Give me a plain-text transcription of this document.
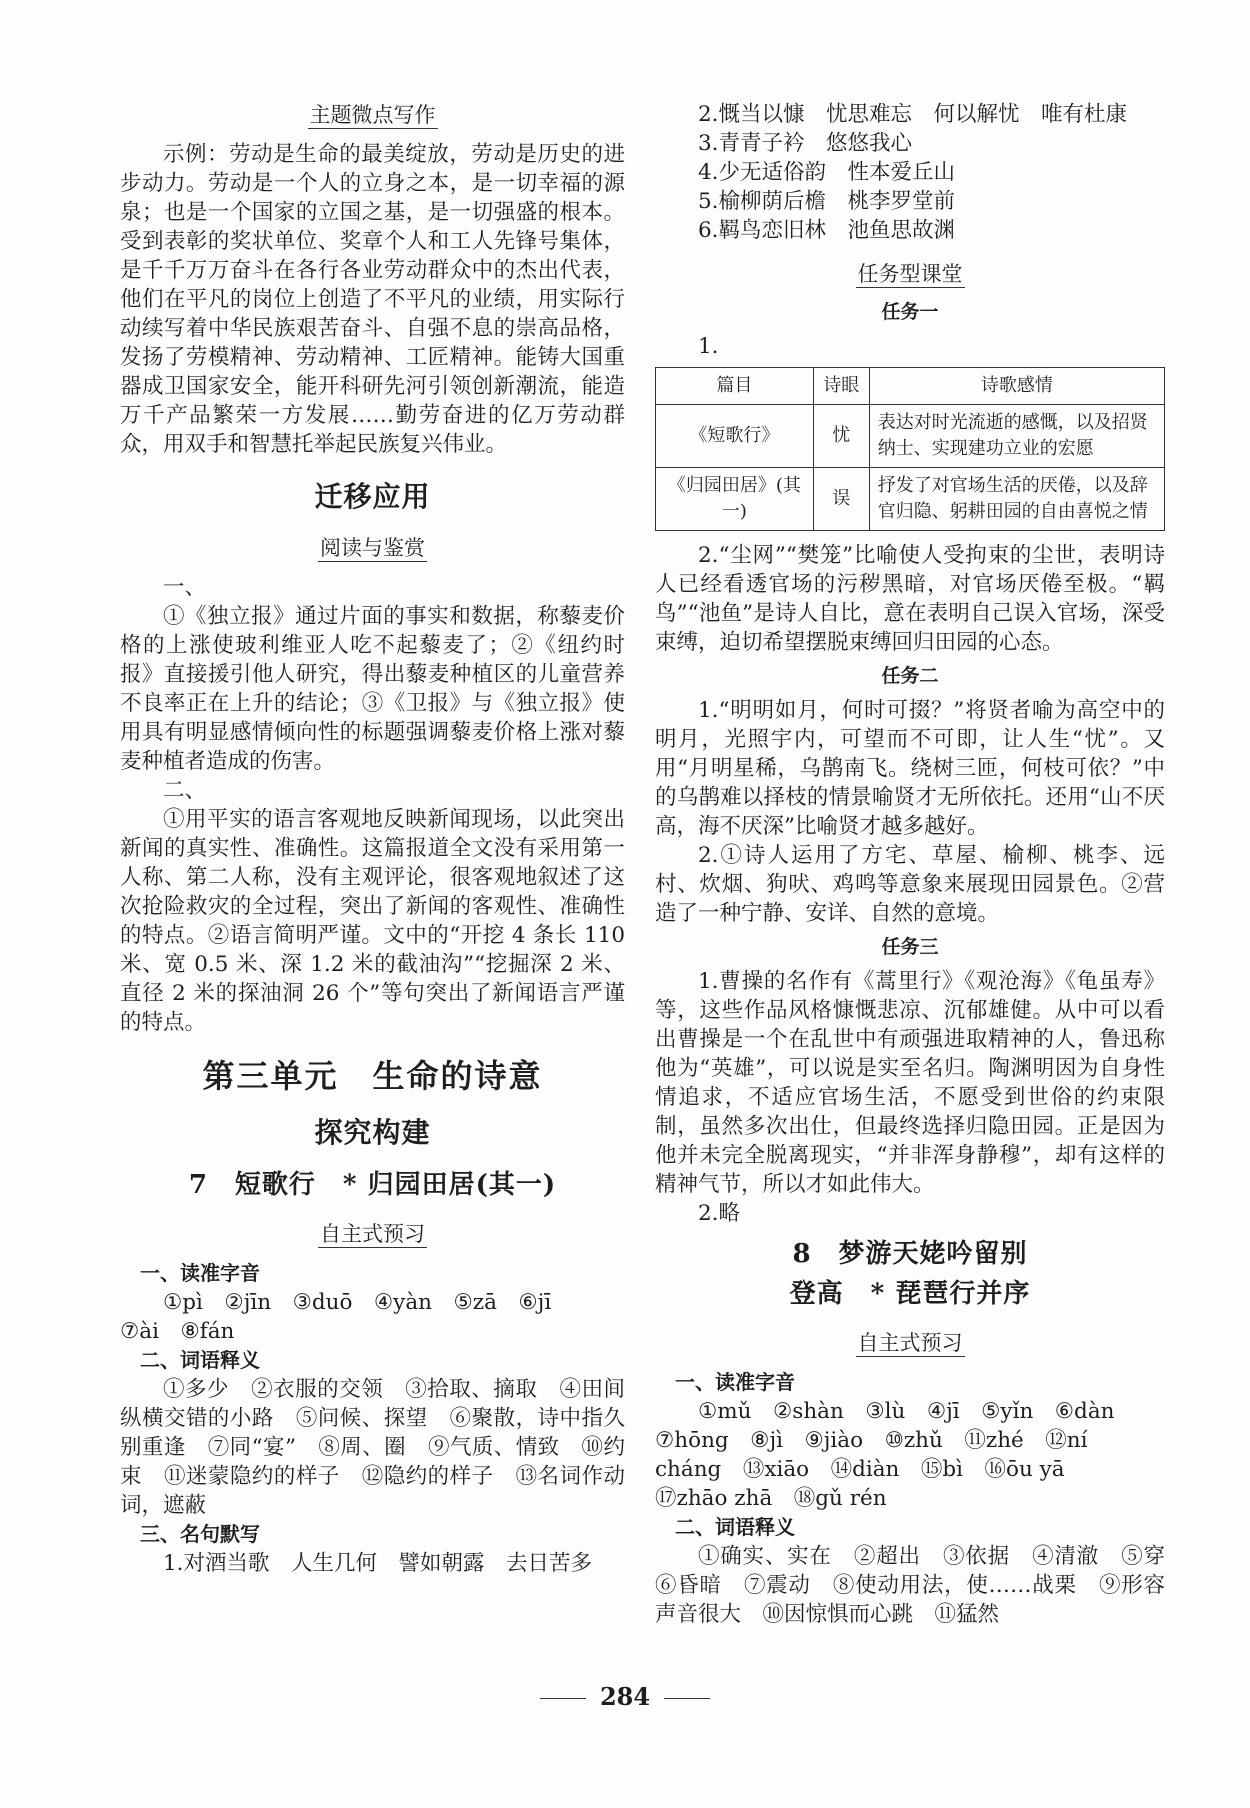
主题微点写作

示例：劳动是生命的最美绽放，劳动是历史的进步动力。劳动是一个人的立身之本，是一切幸福的源泉；也是一个国家的立国之基，是一切强盛的根本。受到表彰的奖状单位、奖章个人和工人先锋号集体，是千千万万奋斗在各行各业劳动群众中的杰出代表，他们在平凡的岗位上创造了不平凡的业绩，用实际行动续写着中华民族艰苦奋斗、自强不息的崇高品格，发扬了劳模精神、劳动精神、工匠精神。能铸大国重器成卫国家安全，能开科研先河引领创新潮流，能造万千产品繁荣一方发展……勤劳奋进的亿万劳动群众，用双手和智慧托举起民族复兴伟业。

迁移应用
阅读与鉴赏

一、

①《独立报》通过片面的事实和数据，称藜麦价格的上涨使玻利维亚人吃不起藜麦了；②《纽约时报》直接援引他人研究，得出藜麦种植区的儿童营养不良率正在上升的结论；③《卫报》与《独立报》使用具有明显感情倾向性的标题强调藜麦价格上涨对藜麦种植者造成的伤害。

二、

①用平实的语言客观地反映新闻现场，以此突出新闻的真实性、准确性。这篇报道全文没有采用第一人称、第二人称，没有主观评论，很客观地叙述了这次抢险救灾的全过程，突出了新闻的客观性、准确性的特点。②语言简明严谨。文中的“开挖 4 条长 110 米、宽 0.5 米、深 1.2 米的截油沟”“挖掘深 2 米、直径 2 米的探油洞 26 个”等句突出了新闻语言严谨的特点。

第三单元　生命的诗意
探究构建
7　短歌行　* 归园田居(其一)
自主式预习

一、读准字音

①pì　②jīn　③duō　④yàn　⑤zā　⑥jī

⑦ài　⑧fán

二、词语释义

①多少　②衣服的交领　③拾取、摘取　④田间纵横交错的小路　⑤问候、探望　⑥聚散，诗中指久别重逢　⑦同“宴”　⑧周、圈　⑨气质、情致　⑩约束　⑪迷蒙隐约的样子　⑫隐约的样子　⑬名词作动词，遮蔽

三、名句默写

1.对酒当歌　人生几何　譬如朝露　去日苦多

2.慨当以慷　忧思难忘　何以解忧　唯有杜康

3.青青子衿　悠悠我心

4.少无适俗韵　性本爱丘山

5.榆柳荫后檐　桃李罗堂前

6.羁鸟恋旧林　池鱼思故渊

任务型课堂
任务一

1.

篇目	诗眼	诗歌感情
《短歌行》	忧	表达对时光流逝的感慨，以及招贤纳士、实现建功立业的宏愿
《归园田居》(其一)	误	抒发了对官场生活的厌倦，以及辞官归隐、躬耕田园的自由喜悦之情

2.“尘网”“樊笼”比喻使人受拘束的尘世，表明诗人已经看透官场的污秽黑暗，对官场厌倦至极。“羁鸟”“池鱼”是诗人自比，意在表明自己误入官场，深受束缚，迫切希望摆脱束缚回归田园的心态。

任务二

1.“明明如月，何时可掇？”将贤者喻为高空中的明月，光照宇内，可望而不可即，让人生“忧”。又用“月明星稀，乌鹊南飞。绕树三匝，何枝可依？”中的乌鹊难以择枝的情景喻贤才无所依托。还用“山不厌高，海不厌深”比喻贤才越多越好。

2.①诗人运用了方宅、草屋、榆柳、桃李、远村、炊烟、狗吠、鸡鸣等意象来展现田园景色。②营造了一种宁静、安详、自然的意境。

任务三

1.曹操的名作有《蒿里行》《观沧海》《龟虽寿》等，这些作品风格慷慨悲凉、沉郁雄健。从中可以看出曹操是一个在乱世中有顽强进取精神的人，鲁迅称他为“英雄”，可以说是实至名归。陶渊明因为自身性情追求，不适应官场生活，不愿受到世俗的约束限制，虽然多次出仕，但最终选择归隐田园。正是因为他并未完全脱离现实，“并非浑身静穆”，却有这样的精神气节，所以才如此伟大。

2.略

8　梦游天姥吟留别
登高　* 琵琶行并序
自主式预习

一、读准字音

①mǔ　②shàn　③lù　④jī　⑤yǐn　⑥dàn

⑦hōng　⑧jì　⑨jiào　⑩zhǔ　⑪zhé　⑫ní

cháng　⑬xiāo　⑭diàn　⑮bì　⑯ōu yā

⑰zhāo zhā　⑱gǔ rén

二、词语释义

①确实、实在　②超出　③依据　④清澈　⑤穿　⑥昏暗　⑦震动　⑧使动用法，使……战栗　⑨形容声音很大　⑩因惊惧而心跳　⑪猛然

284
